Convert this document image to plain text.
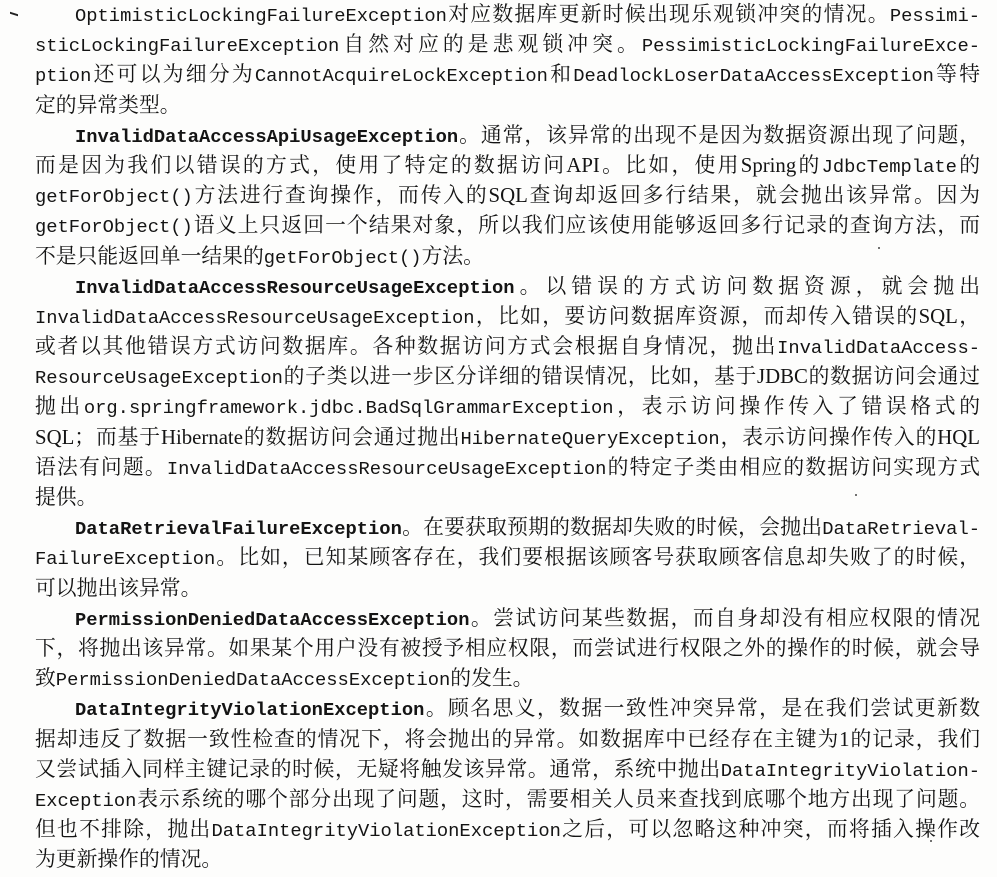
OptimisticLockingFailureException对应数据库更新时候出现乐观锁冲突的情况。Pessimi-
sticLockingFailureException自然对应的是悲观锁冲突。PessimisticLockingFailureExce-
ption还可以为细分为CannotAcquireLockException和DeadlockLoserDataAccessException等特
定的异常类型。
InvalidDataAccessApiUsageException。通常，该异常的出现不是因为数据资源出现了问题，
而是因为我们以错误的方式，使用了特定的数据访问API。比如，使用Spring的JdbcTemplate的
getForObject()方法进行查询操作，而传入的SQL查询却返回多行结果，就会抛出该异常。因为
getForObject()语义上只返回一个结果对象，所以我们应该使用能够返回多行记录的查询方法，而
不是只能返回单一结果的getForObject()方法。
InvalidDataAccessResourceUsageException。以错误的方式访问数据资源，就会抛出
InvalidDataAccessResourceUsageException，比如，要访问数据库资源，而却传入错误的SQL，
或者以其他错误方式访问数据库。各种数据访问方式会根据自身情况，抛出InvalidDataAccess-
ResourceUsageException的子类以进一步区分详细的错误情况，比如，基于JDBC的数据访问会通过
抛出org.springframework.jdbc.BadSqlGrammarException，表示访问操作传入了错误格式的
SQL；而基于Hibernate的数据访问会通过抛出HibernateQueryException，表示访问操作传入的HQL
语法有问题。InvalidDataAccessResourceUsageException的特定子类由相应的数据访问实现方式
提供。
DataRetrievalFailureException。在要获取预期的数据却失败的时候，会抛出DataRetrieval-
FailureException。比如，已知某顾客存在，我们要根据该顾客号获取顾客信息却失败了的时候，
可以抛出该异常。
PermissionDeniedDataAccessException。尝试访问某些数据，而自身却没有相应权限的情况
下，将抛出该异常。如果某个用户没有被授予相应权限，而尝试进行权限之外的操作的时候，就会导
致PermissionDeniedDataAccessException的发生。
DataIntegrityViolationException。顾名思义，数据一致性冲突异常，是在我们尝试更新数
据却违反了数据一致性检查的情况下，将会抛出的异常。如数据库中已经存在主键为1的记录，我们
又尝试插入同样主键记录的时候，无疑将触发该异常。通常，系统中抛出DataIntegrityViolation-
Exception表示系统的哪个部分出现了问题，这时，需要相关人员来查找到底哪个地方出现了问题。
但也不排除，抛出DataIntegrityViolationException之后，可以忽略这种冲突，而将插入操作改
为更新操作的情况。
